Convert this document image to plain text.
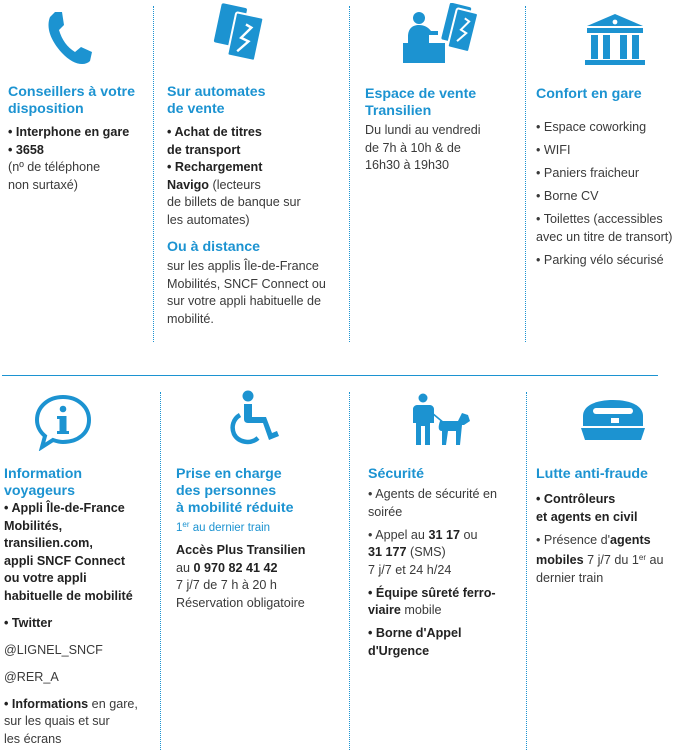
Conseillers à votre
disposition
• Interphone en gare
• 3658
(nº de téléphone
non surtaxé)
Sur automates
de vente
• Achat de titres
de transport
• Rechargement
Navigo (lecteurs
de billets de banque sur
les automates)
Ou à distance
sur les applis Île-de-France
Mobilités, SNCF Connect ou
sur votre appli habituelle de
mobilité.
Espace de vente
Transilien
Du lundi au vendredi
de 7h à 10h & de
16h30 à 19h30
Confort en gare
• Espace coworking
• WIFI
• Paniers fraicheur
• Borne CV
• Toilettes (accessibles
avec un titre de transort)
• Parking vélo sécurisé
Information
voyageurs
• Appli Île-de-France
Mobilités,
transilien.com,
appli SNCF Connect
ou votre appli
habituelle de mobilité
• Twitter
@LIGNEL_SNCF
@RER_A
• Informations en gare,
sur les quais et sur
les écrans
Prise en charge
des personnes
à mobilité réduite
1er au dernier train
Accès Plus Transilien
au 0 970 82 41 42
7 j/7 de 7 h à 20 h
Réservation obligatoire
Sécurité
• Agents de sécurité en
soirée
• Appel au 31 17 ou
31 177 (SMS)
7 j/7 et 24 h/24
• Équipe sûreté ferro-
viaire mobile
• Borne d'Appel
d'Urgence
Lutte anti-fraude
• Contrôleurs
et agents en civil
• Présence d'agents
mobiles 7 j/7 du 1er au
dernier train
